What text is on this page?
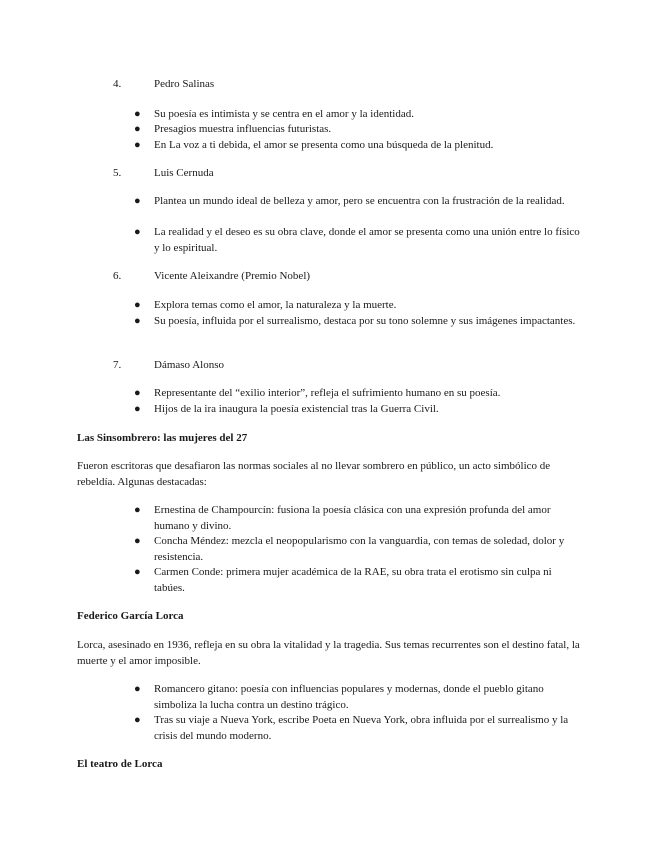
4.	Pedro Salinas
● Su poesía es intimista y se centra en el amor y la identidad.
● Presagios muestra influencias futuristas.
● En La voz a ti debida, el amor se presenta como una búsqueda de la plenitud.
5.	Luis Cernuda
● Plantea un mundo ideal de belleza y amor, pero se encuentra con la frustración de la realidad.
● La realidad y el deseo es su obra clave, donde el amor se presenta como una unión entre lo físico y lo espiritual.
6.	Vicente Aleixandre (Premio Nobel)
● Explora temas como el amor, la naturaleza y la muerte.
● Su poesía, influida por el surrealismo, destaca por su tono solemne y sus imágenes impactantes.
7.	Dámaso Alonso
● Representante del “exilio interior”, refleja el sufrimiento humano en su poesía.
● Hijos de la ira inaugura la poesía existencial tras la Guerra Civil.
Las Sinsombrero: las mujeres del 27
Fueron escritoras que desafiaron las normas sociales al no llevar sombrero en público, un acto simbólico de rebeldía. Algunas destacadas:
● Ernestina de Champourcín: fusiona la poesía clásica con una expresión profunda del amor humano y divino.
● Concha Méndez: mezcla el neopopularismo con la vanguardia, con temas de soledad, dolor y resistencia.
● Carmen Conde: primera mujer académica de la RAE, su obra trata el erotismo sin culpa ni tabúes.
Federico García Lorca
Lorca, asesinado en 1936, refleja en su obra la vitalidad y la tragedia. Sus temas recurrentes son el destino fatal, la muerte y el amor imposible.
● Romancero gitano: poesía con influencias populares y modernas, donde el pueblo gitano simboliza la lucha contra un destino trágico.
● Tras su viaje a Nueva York, escribe Poeta en Nueva York, obra influida por el surrealismo y la crisis del mundo moderno.
El teatro de Lorca
